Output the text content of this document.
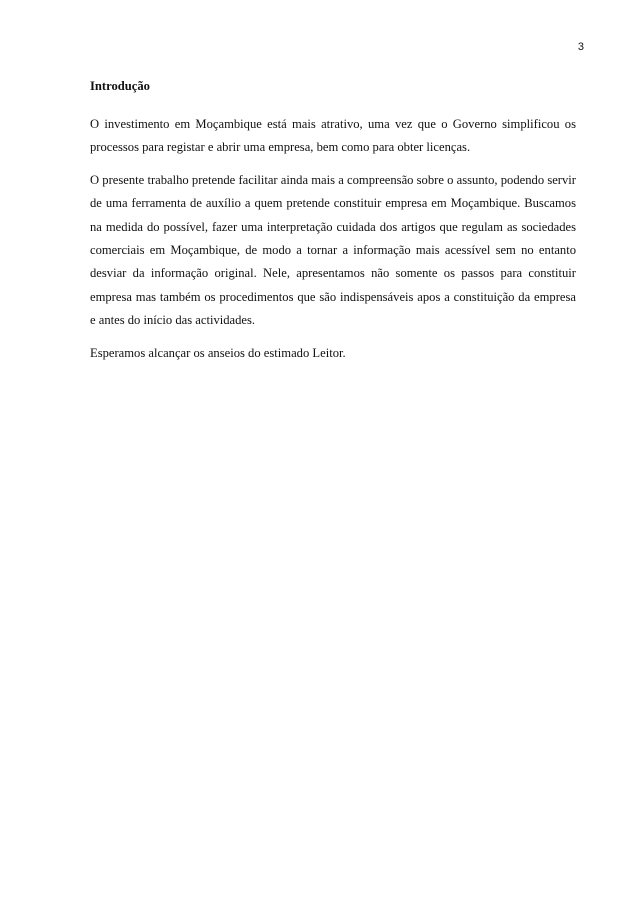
3
Introdução

O investimento em Moçambique está mais atrativo, uma vez que o Governo simplificou os processos para registar e abrir uma empresa, bem como para obter licenças.

O presente trabalho pretende facilitar ainda mais a compreensão sobre o assunto, podendo servir de uma ferramenta de auxílio a quem pretende constituir empresa em Moçambique. Buscamos na medida do possível, fazer uma interpretação cuidada dos artigos que regulam as sociedades comerciais em Moçambique, de modo a tornar a informação mais acessível sem no entanto desviar da informação original. Nele, apresentamos não somente os passos para constituir empresa mas também os procedimentos que são indispensáveis apos a constituição da empresa e antes do início das actividades.

Esperamos alcançar os anseios do estimado Leitor.
